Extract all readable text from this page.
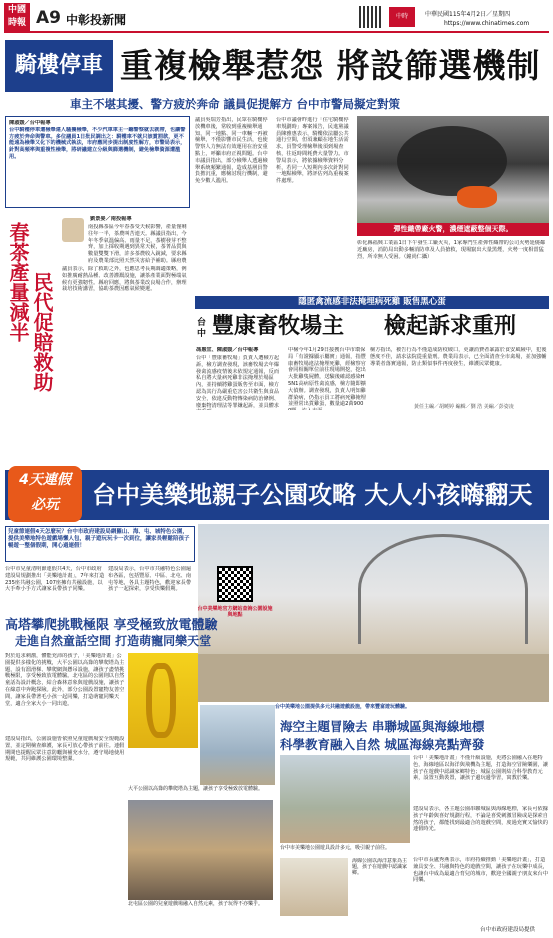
中國
時報 A9 中彰投新聞	中時	中華民國115年4月2日／星期四
https://www.chinatimes.com
騎樓停車 重複檢舉惹怨 將設篩選機制
車主不堪其擾、警方疲於奔命 議員促提解方 台中市警局擬定對策
陳淑媛／台中報導
台中騎樓停車遭檢舉違人騷擾檢舉，不少汽車車主一聽警察就去就帶，也讓警方疲於奔命與警車。多位議員1日批民調出之：騎樓車不就只該賞罰款，更不能遠為檢舉又化下的機械式執法，市府應同步提出制度性解方，市警局表示，針對高頻率與重複性檢舉，將研議建立分級與篩選機制，避免檢舉資源遭濫用。
議員吳瑞芳指出，民眾在騎樓停放機車後，常收到重複檢舉通知，同一地點、同一車輛一再被檢舉，不僅影響市民生活，也使警察人力無法有效運用在治安重點上，呼籲市府正視問題。台中市議員指出，部分檢舉人透過檢舉系統頻繁通報，造成基層員警負擔沉重，應檢討現行機制，避免少數人濫用。
台中市議會昨進行「住宅騎樓停車規劃時」專案報告，民進黨議員陳雅惠表示，騎樓依法屬公共通行空間，但須兼顧在地生活需求。員警受理檢舉後須到場查核，往返時間耗費大量警力。市警局表示，將依據檢舉資料分析，若同一人短期內多次針對同一地點檢舉，將評估列為重複案件處理。
彈性織帶廠火警，濃煙遮蔽整個天際。
彰化縣福興工業區1日下午發生工廠火災，1家專門生產彈性織帶的公司火勢延燒鄰近廠房，消防局出動多輛消防車及人員搶救，現場竄出大量黑煙，火勢一度相當猛烈，所幸無人受困。（鐘尚仁攝）
春茶產量減半 民代促賠救助
劉景晏／南投報導
南投縣茶區今年春茶受天候影響，產量僅剩往年一半，茶農叫苦連天。縣議員指出，今年冬季氣溫偏高、雨量不足，茶樹發芽不整齊，加上採收期遇到異常天候，茶菁品質與數量雙雙下滑，許多茶農收入銳減，要求縣府及農業部比照天然災害給予補助。縣府農
議員表示，除了救助之外，也應思考長期調適策略，例如推廣耐熱品種、改善灌溉設施，讓茶產業面對極端氣候有更強韌性。縣府回應，將與茶業改良場合作，辦理栽培技術講習，協助茶農因應氣候變遷。
隱匿禽流感非法掩埋病死雞 販售黑心蛋
台中 豐康畜牧場主 檢起訴求重刑
馮惠宜、陳淑媛／台中報導
台中「豐康畜牧場」負責人遭檢方起訴，檢方調查發現，該畜牧場去年爆發禽流感疫情後未依規定通報，反而私自將大量病死雞非法掩埋於場區內，並持續將雞蛋販售至市面，檢方認為其行為嚴重危害公共衛生與食品安全，依違反動物傳染病防治條例、廢棄物清理法等罪嫌起訴，並具體求
中檢今年1月29日接獲台中市環保局「有證據顯示屬實」通報，指豐康畜牧場違法掩埋死雞，經檢察官會同相關單位前往現場開挖，挖出大批雞隻屍體，送驗後確認感染H5N1高病原性禽流感，檢方隨即擴大偵辦。調查發現，負責人明知雞群染病，仍指示員工將病死雞掩埋並照常出貨雞蛋，數量逾2萬900
檢方指出，被告行為不僅造成防疫破口，更讓消費者暴露於食安風險中，犯後態度不佳，請求法院從重量刑。農業局表示，已全面清查全市禽場，並加強輔導業者落實通報，防止類似事件再度發生，維護民眾健康。
黃任主編／胡曉婷 編輯／劉 浩 美編／彭姿凌
4天連假
必玩	台中美樂地親子公園攻略 大人小孩嗨翻天
兒童節連假4天怎麼玩？台中市政府建設局網羅山、海、屯、城特色公園，提供美樂地特色遊戲場懶人包，親子遊玩玩卡一次到位，讓家長輕鬆陪孩子暢遊一整個假期，開心過連假！
台中美樂地公園提供多元共融遊戲設施，帶來豐富遊玩體驗。
台中市兒童清明節連假共4天，台中市政府建設局規劃推出「美樂地計畫」，7年來打造235座共融公園，107座擁有共融設施，以大手牽小手方式讓家長帶孩子同樂。
建設局表示，台中市共融特色公園遍布各區，包括豐原、中區、北屯、南屯等地，各具主題特色，歡迎家長帶孩子一起探索，享受快樂假期。
台中美樂地官方網站查詢公園設施與地點
高塔攀爬挑戰極限 享受極致放電體驗
走進自然童話空間 打造萌寵同樂天堂
對於追求刺激，體能充沛的孩子，「美樂地計畫」公園提供多樣化的挑戰，大平公園以高聳的攀爬塔為主題，設有溜滑梯、攀爬網與懸吊設施，讓孩子盡情挑戰極限，享受極致放電體驗。北屯區的公園則以自然童話為設計概念，結合森林意象與遊戲設施，讓孩子在綠意中奔跑探險。此外，部分公園設置寵物友善空間，讓家長帶著毛小孩一起同樂，打造萌寵同樂天堂，適合全家大小一同出遊。
建設局指出，公園設施皆依照兒童遊戲場安全規範設置，並定期檢查維護，家長可放心帶孩子前往。連假期間也提醒民眾注意防曬與補充水分，遵守場地使用規範，共同維護公園環境整潔。
大平公園以高聳的攀爬塔為主題，讓孩子享受極致放電體驗。
北屯區公園的兒童遊戲場融入自然元素，孩子玩得不亦樂乎。
海空主題冒險去 串聯城區與海線地標
科學教育融入自然 城區海線亮點齊發
台中市美樂地公園遊具設計多元，吸引親子前往。
海線公園以海洋意象為主題，孩子在遊戲中認識家鄉。
台中「美樂地計畫」不僅升級設施，更將公園融入在地特色，海線地區以海洋與飛機為主題，打造海空冒險樂園，讓孩子在遊戲中認識家鄉特色；城區公園則結合科學教育元素，設置互動裝置，讓孩子邊玩邊學習，寓教於樂。
建設局表示，各主題公園串聯城區與海線地標，家長可依據孩子年齡與喜好規劃行程，不論是喜愛刺激冒險或是探索自然的孩子，都能找到最適合的遊戲空間，度過充實又愉快的連假時光。
台中市長盧秀燕表示，市府持續推動「美樂地計畫」，打造兼具安全、共融與特色的遊戲空間，讓孩子在玩樂中成長，也讓台中成為最適合育兒的城市，歡迎全國親子朋友來台中同樂。
台中市政府建設局提供
